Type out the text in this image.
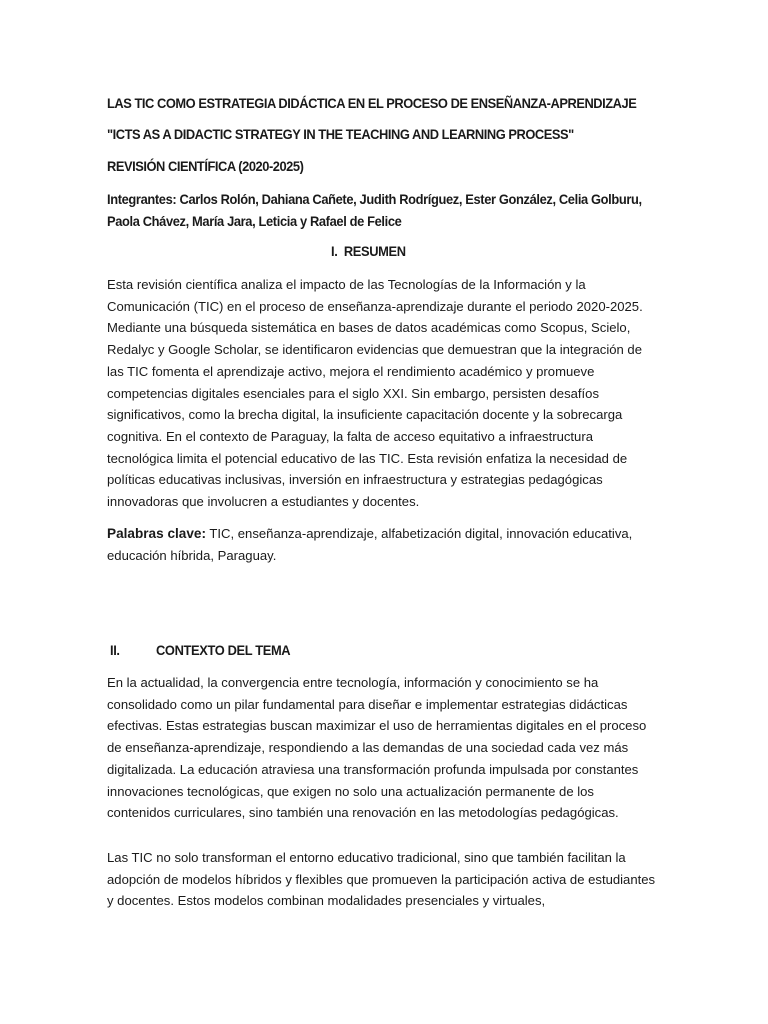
LAS TIC COMO ESTRATEGIA DIDÁCTICA EN EL PROCESO DE ENSEÑANZA-APRENDIZAJE

"ICTS AS A DIDACTIC STRATEGY IN THE TEACHING AND LEARNING PROCESS"

REVISIÓN CIENTÍFICA (2020-2025)

Integrantes: Carlos Rolón, Dahiana Cañete, Judith Rodríguez, Ester González, Celia Golburu, Paola Chávez, María Jara, Leticia y Rafael de Felice
I. RESUMEN

Esta revisión científica analiza el impacto de las Tecnologías de la Información y la Comunicación (TIC) en el proceso de enseñanza-aprendizaje durante el periodo 2020-2025. Mediante una búsqueda sistemática en bases de datos académicas como Scopus, Scielo, Redalyc y Google Scholar, se identificaron evidencias que demuestran que la integración de las TIC fomenta el aprendizaje activo, mejora el rendimiento académico y promueve competencias digitales esenciales para el siglo XXI. Sin embargo, persisten desafíos significativos, como la brecha digital, la insuficiente capacitación docente y la sobrecarga cognitiva. En el contexto de Paraguay, la falta de acceso equitativo a infraestructura tecnológica limita el potencial educativo de las TIC. Esta revisión enfatiza la necesidad de políticas educativas inclusivas, inversión en infraestructura y estrategias pedagógicas innovadoras que involucren a estudiantes y docentes.

Palabras clave: TIC, enseñanza-aprendizaje, alfabetización digital, innovación educativa, educación híbrida, Paraguay.

II.	CONTEXTO DEL TEMA

En la actualidad, la convergencia entre tecnología, información y conocimiento se ha consolidado como un pilar fundamental para diseñar e implementar estrategias didácticas efectivas. Estas estrategias buscan maximizar el uso de herramientas digitales en el proceso de enseñanza-aprendizaje, respondiendo a las demandas de una sociedad cada vez más digitalizada. La educación atraviesa una transformación profunda impulsada por constantes innovaciones tecnológicas, que exigen no solo una actualización permanente de los contenidos curriculares, sino también una renovación en las metodologías pedagógicas.

Las TIC no solo transforman el entorno educativo tradicional, sino que también facilitan la adopción de modelos híbridos y flexibles que promueven la participación activa de estudiantes y docentes. Estos modelos combinan modalidades presenciales y virtuales,
